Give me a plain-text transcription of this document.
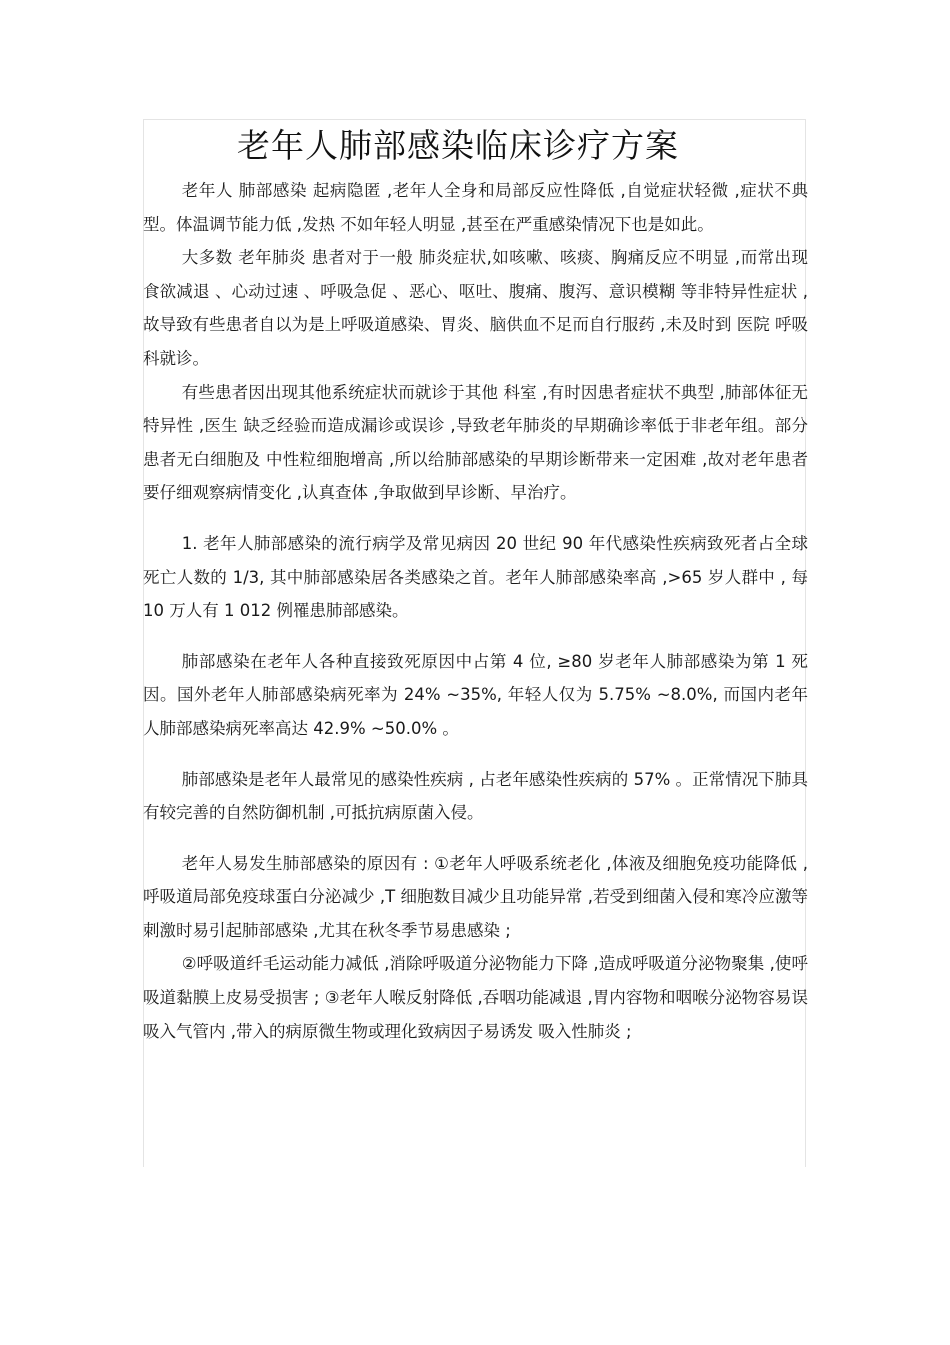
老年人肺部感染临床诊疗方案

老年人 肺部感染 起病隐匿 ,老年人全身和局部反应性降低 ,自觉症状轻微 ,症状不典型。体温调节能力低 ,发热 不如年轻人明显 ,甚至在严重感染情况下也是如此。

大多数 老年肺炎 患者对于一般 肺炎症状,如咳嗽、咳痰、胸痛反应不明显 ,而常出现 食欲减退 、心动过速 、呼吸急促 、恶心、呕吐、腹痛、腹泻、意识模糊 等非特异性症状 ,故导致有些患者自以为是上呼吸道感染、胃炎、脑供血不足而自行服药 ,未及时到 医院 呼吸科就诊。

有些患者因出现其他系统症状而就诊于其他 科室 ,有时因患者症状不典型 ,肺部体征无特异性 ,医生 缺乏经验而造成漏诊或误诊 ,导致老年肺炎的早期确诊率低于非老年组。部分患者无白细胞及 中性粒细胞增高 ,所以给肺部感染的早期诊断带来一定困难 ,故对老年患者要仔细观察病情变化 ,认真查体 ,争取做到早诊断、早治疗。

1. 老年人肺部感染的流行病学及常见病因 20 世纪 90 年代感染性疾病致死者占全球死亡人数的 1/3, 其中肺部感染居各类感染之首。老年人肺部感染率高 ,>65 岁人群中 , 每 10 万人有 1 012 例罹患肺部感染。

肺部感染在老年人各种直接致死原因中占第 4 位, ≥80 岁老年人肺部感染为第 1 死因。国外老年人肺部感染病死率为 24% ~35%, 年轻人仅为 5.75% ~8.0%, 而国内老年人肺部感染病死率高达 42.9% ~50.0% 。

肺部感染是老年人最常见的感染性疾病 , 占老年感染性疾病的 57% 。正常情况下肺具有较完善的自然防御机制 ,可抵抗病原菌入侵。

老年人易发生肺部感染的原因有 : ①老年人呼吸系统老化 ,体液及细胞免疫功能降低 ,呼吸道局部免疫球蛋白分泌减少 ,T 细胞数目减少且功能异常 ,若受到细菌入侵和寒冷应激等刺激时易引起肺部感染 ,尤其在秋冬季节易患感染 ;

②呼吸道纤毛运动能力减低 ,消除呼吸道分泌物能力下降 ,造成呼吸道分泌物聚集 ,使呼吸道黏膜上皮易受损害 ; ③老年人喉反射降低 ,吞咽功能减退 ,胃内容物和咽喉分泌物容易误吸入气管内 ,带入的病原微生物或理化致病因子易诱发 吸入性肺炎 ;
